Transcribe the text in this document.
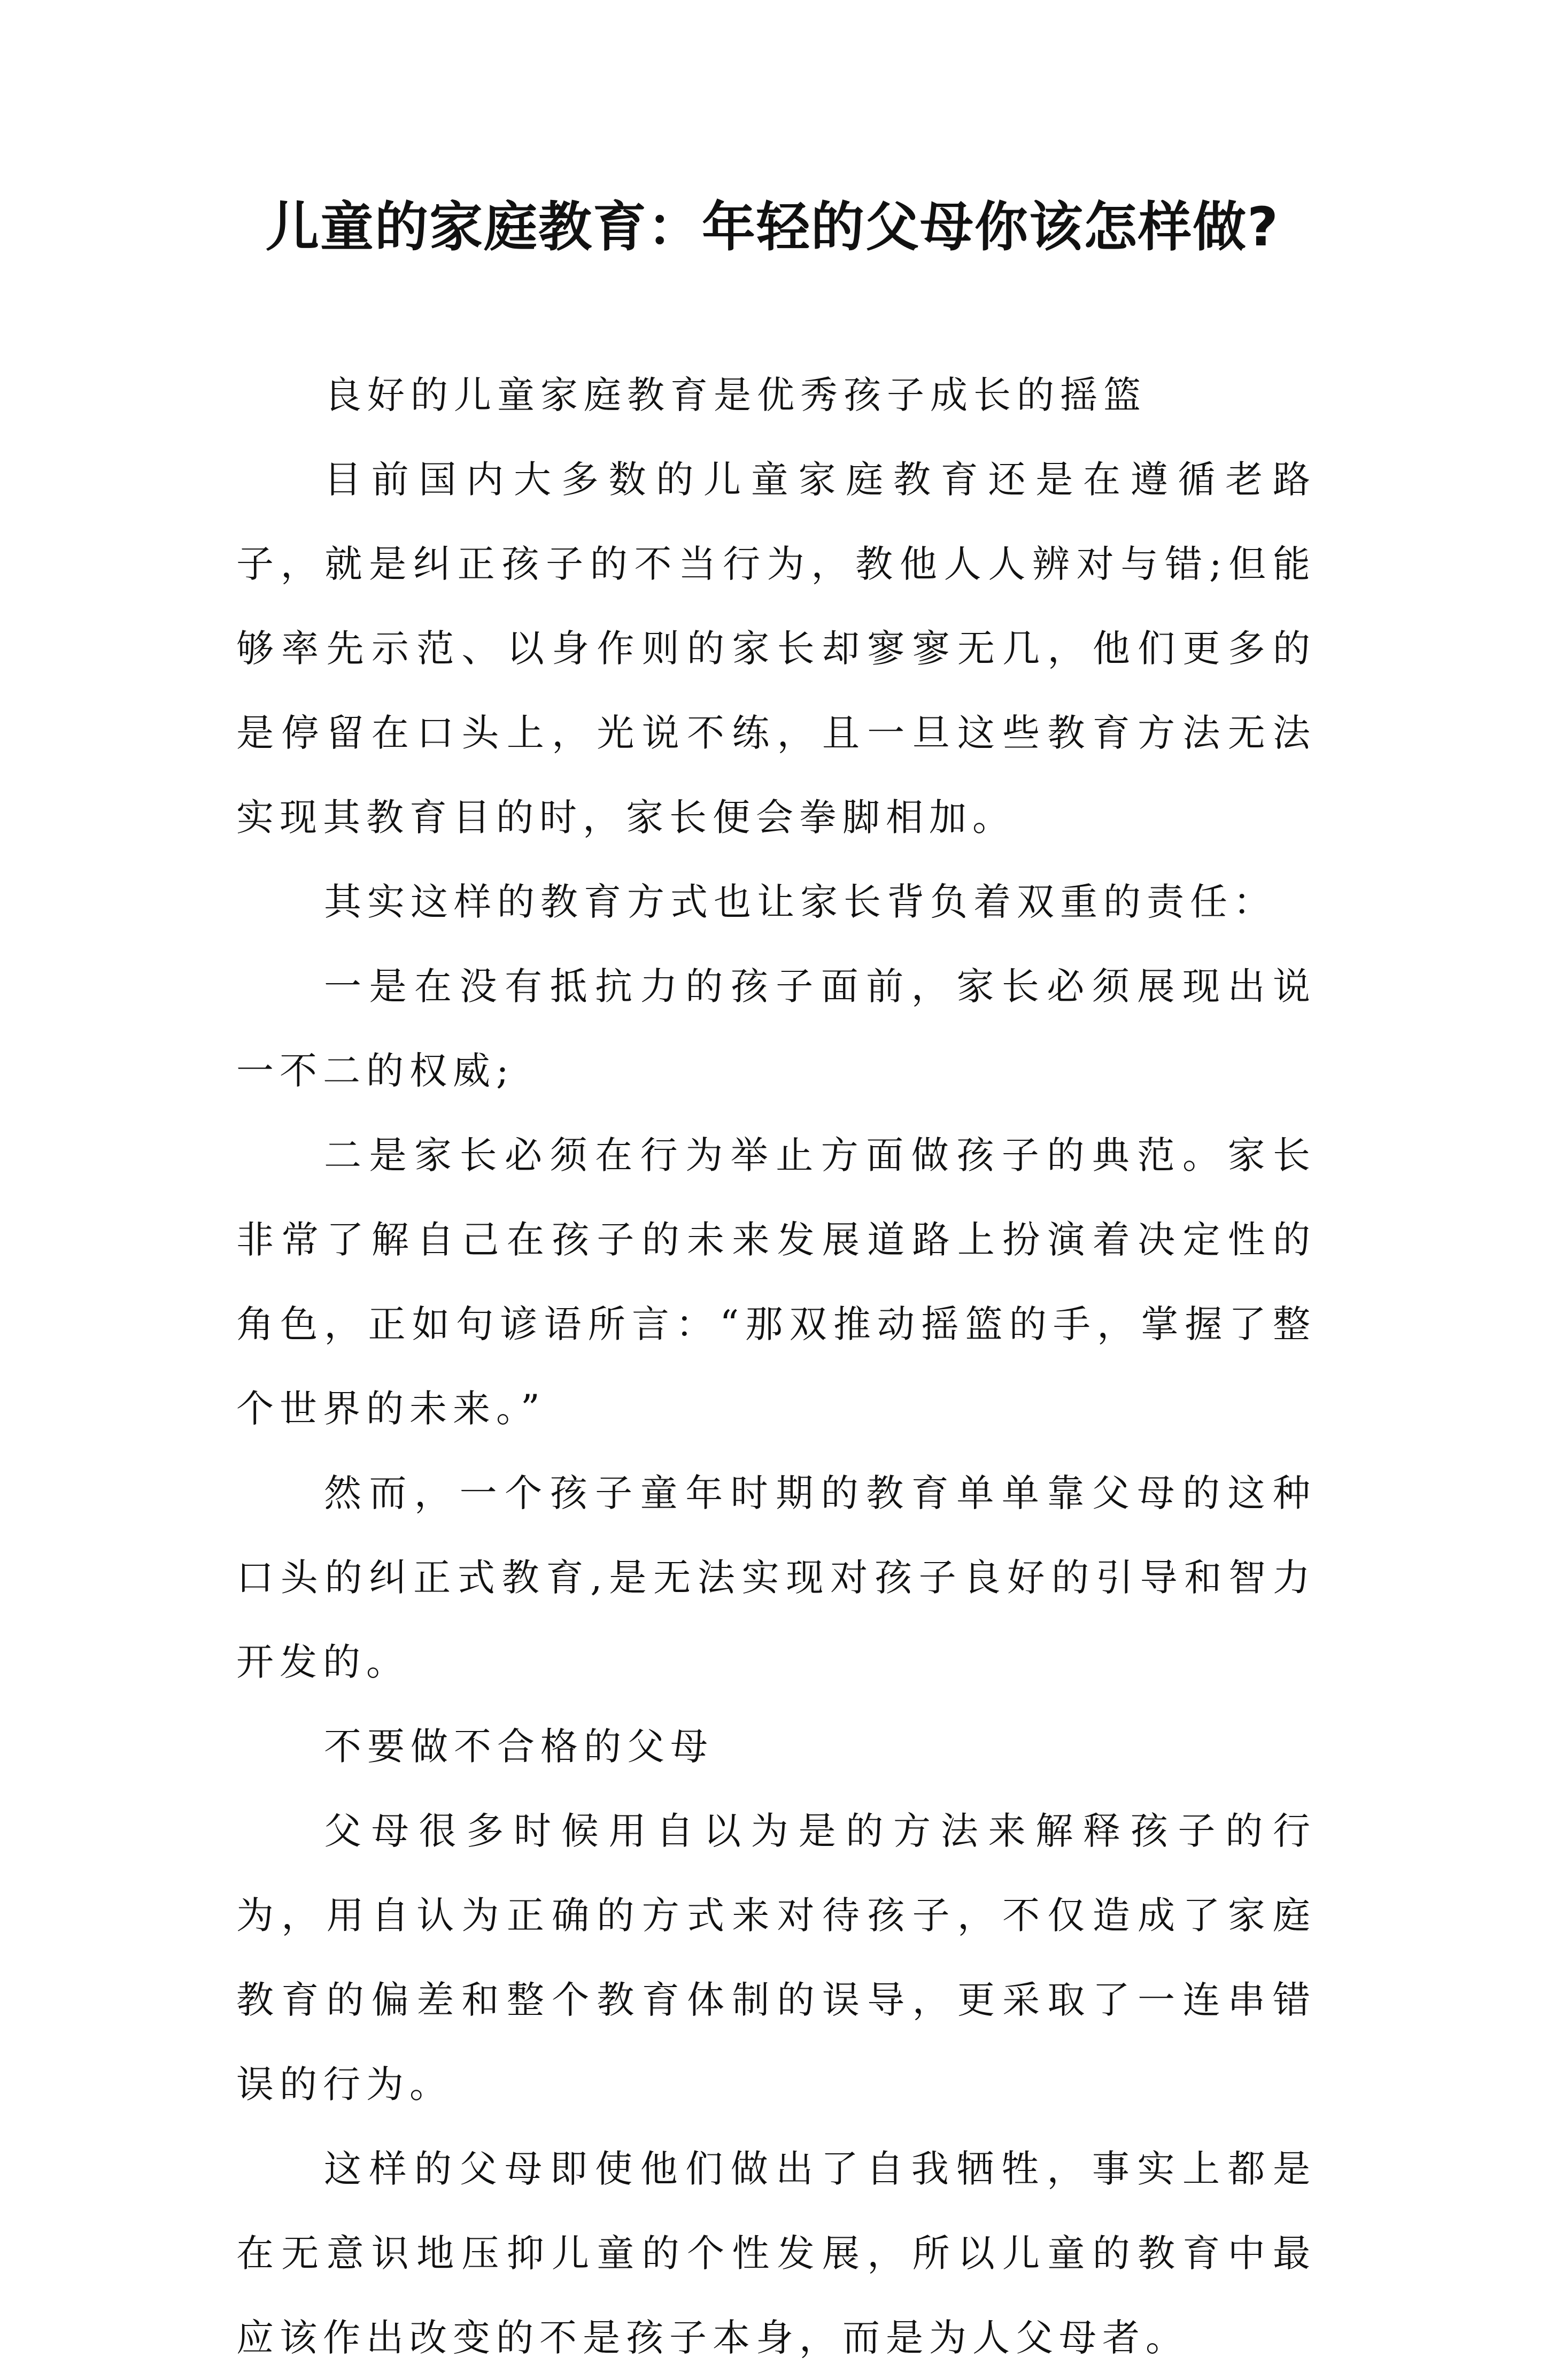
儿童的家庭教育：年轻的父母你该怎样做?

良好的儿童家庭教育是优秀孩子成长的摇篮

目前国内大多数的儿童家庭教育还是在遵循老路子，就是纠正孩子的不当行为，教他人人辨对与错;但能够率先示范、以身作则的家长却寥寥无几，他们更多的是停留在口头上，光说不练，且一旦这些教育方法无法实现其教育目的时，家长便会拳脚相加。

其实这样的教育方式也让家长背负着双重的责任：

一是在没有抵抗力的孩子面前，家长必须展现出说一不二的权威;

二是家长必须在行为举止方面做孩子的典范。家长非常了解自己在孩子的未来发展道路上扮演着决定性的角色，正如句谚语所言：“那双推动摇篮的手，掌握了整个世界的未来。”

然而，一个孩子童年时期的教育单单靠父母的这种口头的纠正式教育,是无法实现对孩子良好的引导和智力开发的。

不要做不合格的父母

父母很多时候用自以为是的方法来解释孩子的行为，用自认为正确的方式来对待孩子，不仅造成了家庭教育的偏差和整个教育体制的误导，更采取了一连串错误的行为。

这样的父母即使他们做出了自我牺牲，事实上都是在无意识地压抑儿童的个性发展，所以儿童的教育中最应该作出改变的不是孩子本身，而是为人父母者。
